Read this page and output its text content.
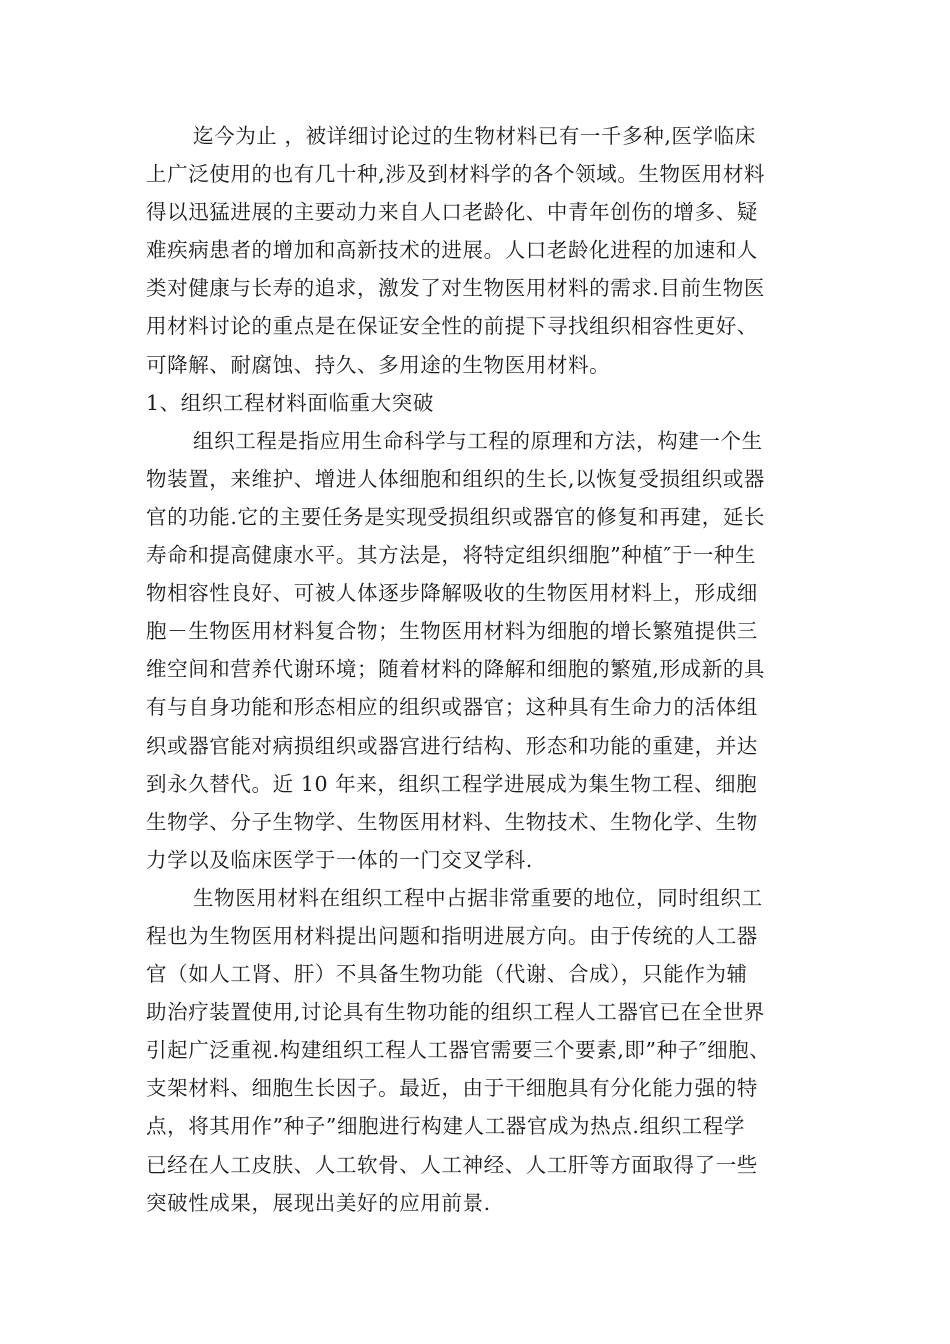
迄今为止 ，被详细讨论过的生物材料已有一千多种,医学临床
上广泛使用的也有几十种,涉及到材料学的各个领域。生物医用材料
得以迅猛进展的主要动力来自人口老龄化、中青年创伤的增多、疑
难疾病患者的增加和高新技术的进展。人口老龄化进程的加速和人
类对健康与长寿的追求，激发了对生物医用材料的需求.目前生物医
用材料讨论的重点是在保证安全性的前提下寻找组织相容性更好、
可降解、耐腐蚀、持久、多用途的生物医用材料。
1、组织工程材料面临重大突破
组织工程是指应用生命科学与工程的原理和方法，构建一个生
物装置，来维护、增进人体细胞和组织的生长,以恢复受损组织或器
官的功能.它的主要任务是实现受损组织或器官的修复和再建，延长
寿命和提高健康水平。其方法是，将特定组织细胞”种植″于一种生
物相容性良好、可被人体逐步降解吸收的生物医用材料上，形成细
胞－生物医用材料复合物；生物医用材料为细胞的增长繁殖提供三
维空间和营养代谢环境；随着材料的降解和细胞的繁殖,形成新的具
有与自身功能和形态相应的组织或器官；这种具有生命力的活体组
织或器官能对病损组织或器宫进行结构、形态和功能的重建，并达
到永久替代。近 10 年来，组织工程学进展成为集生物工程、细胞
生物学、分子生物学、生物医用材料、生物技术、生物化学、生物
力学以及临床医学于一体的一门交叉学科.
生物医用材料在组织工程中占据非常重要的地位，同时组织工
程也为生物医用材料提出问题和指明进展方向。由于传统的人工器
官（如人工肾、肝）不具备生物功能（代谢、合成），只能作为辅
助治疗装置使用,讨论具有生物功能的组织工程人工器官已在全世界
引起广泛重视.构建组织工程人工器官需要三个要素,即”种子″细胞、
支架材料、细胞生长因子。最近，由于干细胞具有分化能力强的特
点，将其用作”种子”细胞进行构建人工器官成为热点.组织工程学
已经在人工皮肤、人工软骨、人工神经、人工肝等方面取得了一些
突破性成果，展现出美好的应用前景.
